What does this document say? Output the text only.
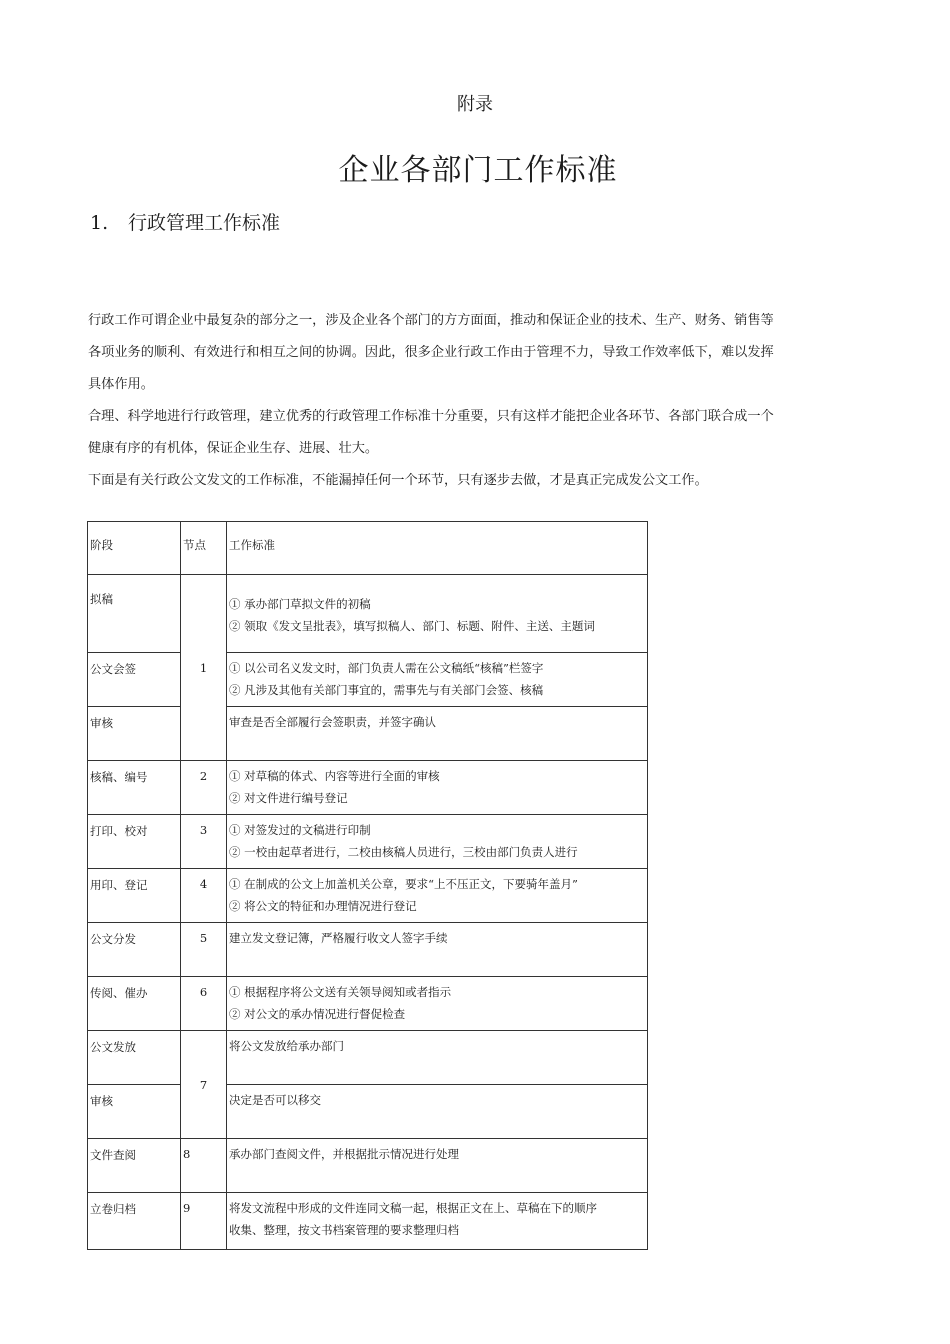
附录
企业各部门工作标准
1. 行政管理工作标准

行政工作可谓企业中最复杂的部分之一，涉及企业各个部门的方方面面，推动和保证企业的技术、生产、财务、销售等
各项业务的顺利、有效进行和相互之间的协调。因此，很多企业行政工作由于管理不力，导致工作效率低下，难以发挥
具体作用。

合理、科学地进行行政管理，建立优秀的行政管理工作标准十分重要，只有这样才能把企业各环节、各部门联合成一个
健康有序的有机体，保证企业生存、进展、壮大。

下面是有关行政公文发文的工作标准，不能漏掉任何一个环节，只有逐步去做，才是真正完成发公文工作。

阶段	节点	工作标准
拟稿	1	① 承办部门草拟文件的初稿
② 领取《发文呈批表》，填写拟稿人、部门、标题、附件、主送、主题词

公文会签		① 以公司名义发文时，部门负责人需在公文稿纸“核稿”栏签字
② 凡涉及其他有关部门事宜的，需事先与有关部门会签、核稿

审核		审查是否全部履行会签职责，并签字确认

核稿、编号	2	① 对草稿的体式、内容等进行全面的审核
② 对文件进行编号登记

打印、校对	3	① 对签发过的文稿进行印制
② 一校由起草者进行，二校由核稿人员进行，三校由部门负责人进行

用印、登记	4	① 在制成的公文上加盖机关公章，要求“上不压正文，下要骑年盖月”
② 将公文的特征和办理情况进行登记

公文分发	5	建立发文登记簿，严格履行收文人签字手续

传阅、催办	6	① 根据程序将公文送有关领导阅知或者指示
② 对公文的承办情况进行督促检查

公文发放	7	将公文发放给承办部门

审核		决定是否可以移交

文件查阅	8	承办部门查阅文件，并根据批示情况进行处理

立卷归档	9	将发文流程中形成的文件连同文稿一起，根据正文在上、草稿在下的顺序
收集、整理，按文书档案管理的要求整理归档
